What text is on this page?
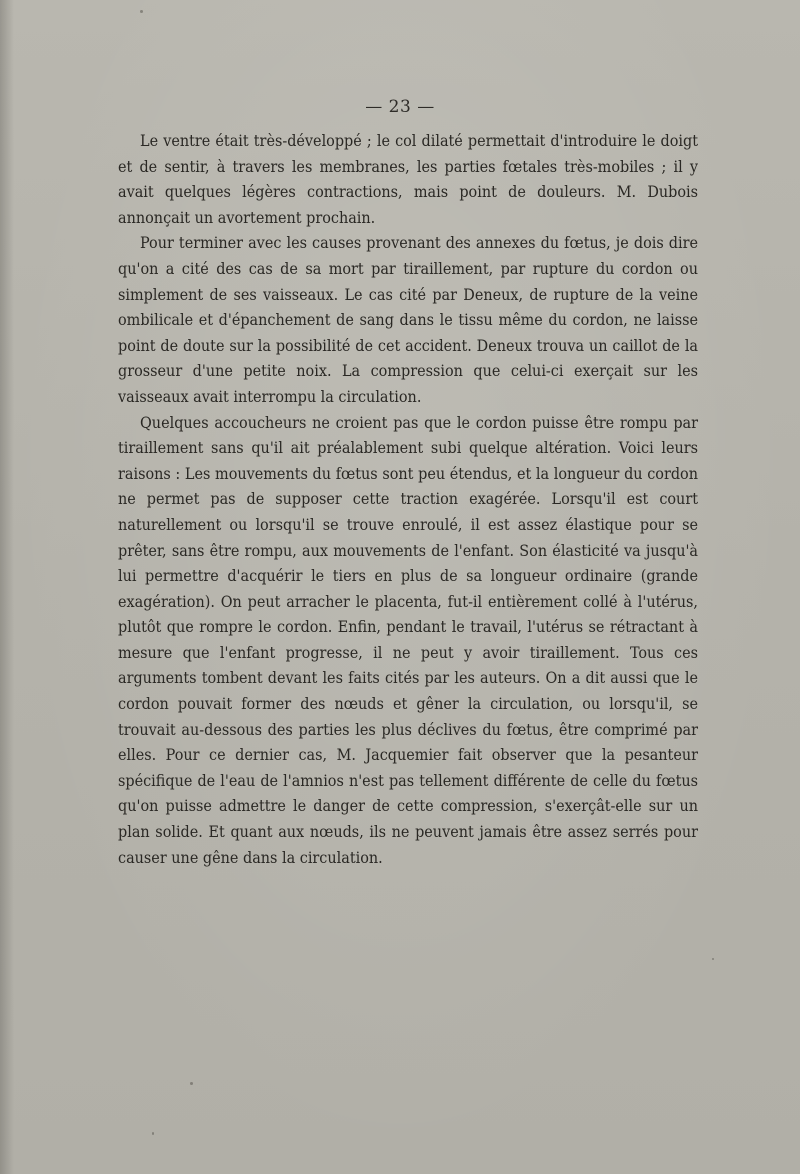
— 23 —

Le ventre était très-développé ; le col dilaté permettait d'introduire le doigt et de sentir, à travers les membranes, les parties fœtales très-mobiles ; il y avait quelques légères contractions, mais point de douleurs. M. Dubois annonçait un avortement prochain.

Pour terminer avec les causes provenant des annexes du fœtus, je dois dire qu'on a cité des cas de sa mort par tiraillement, par rupture du cordon ou simplement de ses vaisseaux. Le cas cité par Deneux, de rupture de la veine ombilicale et d'épanchement de sang dans le tissu même du cordon, ne laisse point de doute sur la possibilité de cet accident. Deneux trouva un caillot de la grosseur d'une petite noix. La compression que celui-ci exerçait sur les vaisseaux avait interrompu la circulation.

Quelques accoucheurs ne croient pas que le cordon puisse être rompu par tiraillement sans qu'il ait préalablement subi quelque altération. Voici leurs raisons : Les mouvements du fœtus sont peu étendus, et la longueur du cordon ne permet pas de supposer cette traction exagérée. Lorsqu'il est court naturellement ou lorsqu'il se trouve enroulé, il est assez élastique pour se prêter, sans être rompu, aux mouvements de l'enfant. Son élasticité va jusqu'à lui permettre d'acquérir le tiers en plus de sa longueur ordinaire (grande exagération). On peut arracher le placenta, fut-il entièrement collé à l'utérus, plutôt que rompre le cordon. Enfin, pendant le travail, l'utérus se rétractant à mesure que l'enfant progresse, il ne peut y avoir tiraillement. Tous ces arguments tombent devant les faits cités par les auteurs. On a dit aussi que le cordon pouvait former des nœuds et gêner la circulation, ou lorsqu'il, se trouvait au-dessous des parties les plus déclives du fœtus, être comprimé par elles. Pour ce dernier cas, M. Jacquemier fait observer que la pesanteur spécifique de l'eau de l'amnios n'est pas tellement différente de celle du fœtus qu'on puisse admettre le danger de cette compression, s'exerçât-elle sur un plan solide. Et quant aux nœuds, ils ne peuvent jamais être assez serrés pour causer une gêne dans la circulation.
